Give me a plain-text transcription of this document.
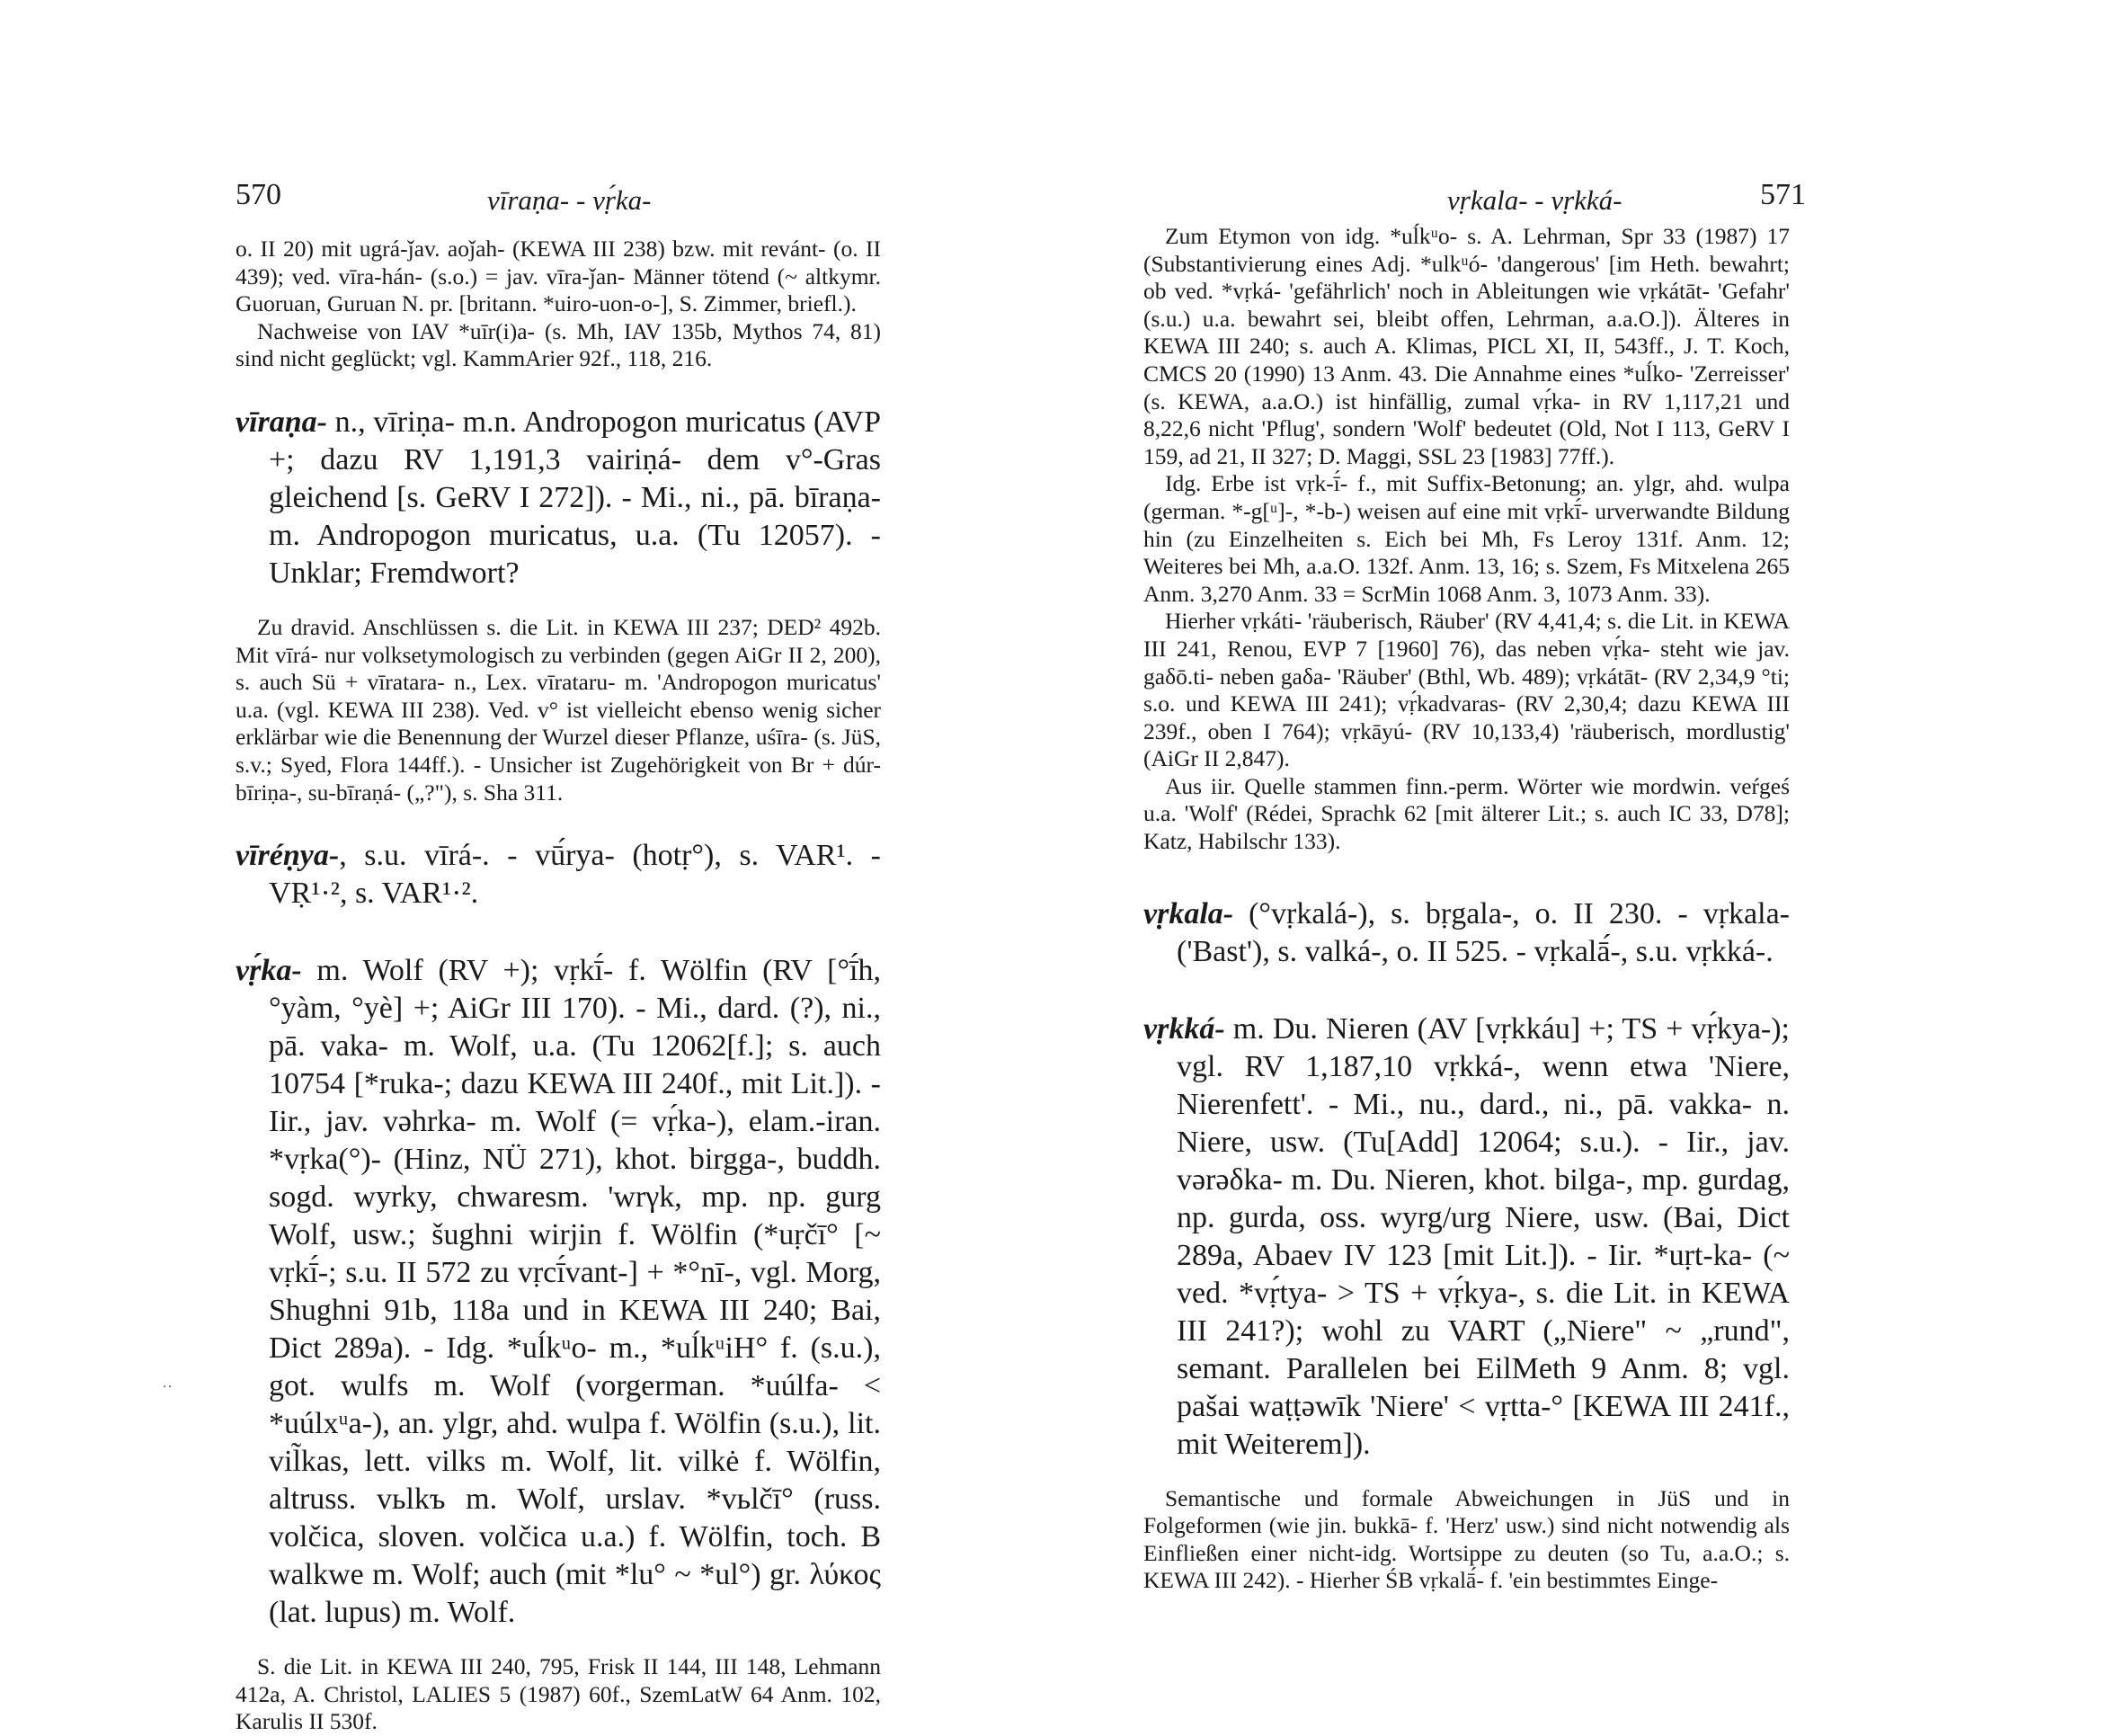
570	vīraṇa- - vṛ́ka-

o. II 20) mit ugrá-ǰav. aoǰah- (KEWA III 238) bzw. mit revánt- (o. II 439); ved. vīra-hán- (s.o.) = jav. vīra-ǰan- Männer tötend (~ altkymr. Guoruan, Guruan N. pr. [britann. *uiro-uon-o-], S. Zimmer, briefl.).

Nachweise von IAV *uīr(i)a- (s. Mh, IAV 135b, Mythos 74, 81) sind nicht geglückt; vgl. KammArier 92f., 118, 216.

vīraṇa- n., vīriṇa- m.n. Andropogon muricatus (AVP +; dazu RV 1,191,3 vairiṇá- dem v°-Gras gleichend [s. GeRV I 272]). - Mi., ni., pā. bīraṇa- m. Andropogon muricatus, u.a. (Tu 12057). - Unklar; Fremdwort?

Zu dravid. Anschlüssen s. die Lit. in KEWA III 237; DED² 492b. Mit vīrá- nur volksetymologisch zu verbinden (gegen AiGr II 2, 200), s. auch Sü + vīratara- n., Lex. vīrataru- m. 'Andropogon muricatus' u.a. (vgl. KEWA III 238). Ved. v° ist vielleicht ebenso wenig sicher erklärbar wie die Benennung der Wurzel dieser Pflanze, uśīra- (s. JüS, s.v.; Syed, Flora 144ff.). - Unsicher ist Zugehörigkeit von Br + dúr-bīriṇa-, su-bīraṇá- („?"), s. Sha 311.

vīréṇya-, s.u. vīrá-. - vū́rya- (hotṛ°), s. VAR¹. - VṚ¹·², s. VAR¹·².

vṛ́ka- m. Wolf (RV +); vṛkī́- f. Wölfin (RV [°ī́h, °yàm, °yè] +; AiGr III 170). - Mi., dard. (?), ni., pā. vaka- m. Wolf, u.a. (Tu 12062[f.]; s. auch 10754 [*ruka-; dazu KEWA III 240f., mit Lit.]). - Iir., jav. vəhrka- m. Wolf (= vṛ́ka-), elam.-iran. *vṛka(°)- (Hinz, NÜ 271), khot. birgga-, buddh. sogd. wyrky, chwaresm. 'wrγk, mp. np. gurg Wolf, usw.; šughni wirjin f. Wölfin (*uṛčī° [~ vṛkī́-; s.u. II 572 zu vṛcī́vant-] + *°nī-, vgl. Morg, Shughni 91b, 118a und in KEWA III 240; Bai, Dict 289a). - Idg. *uĺkᵘo- m., *uĺkᵘiH° f. (s.u.), got. wulfs m. Wolf (vorgerman. *uúlfa- < *uúlxᵘa-), an. ylgr, ahd. wulpa f. Wölfin (s.u.), lit. vil̃kas, lett. vilks m. Wolf, lit. vilkė f. Wölfin, altruss. vьlkъ m. Wolf, urslav. *vьlčī° (russ. volčica, sloven. volčica u.a.) f. Wölfin, toch. B walkwe m. Wolf; auch (mit *lu° ~ *ul°) gr. λύκος (lat. lupus) m. Wolf.

S. die Lit. in KEWA III 240, 795, Frisk II 144, III 148, Lehmann 412a, A. Christol, LALIES 5 (1987) 60f., SzemLatW 64 Anm. 102, Karulis II 530f.

˙˙
vṛkala- - vṛkká-	571

Zum Etymon von idg. *uĺkᵘo- s. A. Lehrman, Spr 33 (1987) 17 (Substantivierung eines Adj. *ulkᵘó- 'dangerous' [im Heth. bewahrt; ob ved. *vṛká- 'gefährlich' noch in Ableitungen wie vṛkátāt- 'Gefahr' (s.u.) u.a. bewahrt sei, bleibt offen, Lehrman, a.a.O.]). Älteres in KEWA III 240; s. auch A. Klimas, PICL XI, II, 543ff., J. T. Koch, CMCS 20 (1990) 13 Anm. 43. Die Annahme eines *uĺko- 'Zerreisser' (s. KEWA, a.a.O.) ist hinfällig, zumal vṛ́ka- in RV 1,117,21 und 8,22,6 nicht 'Pflug', sondern 'Wolf' bedeutet (Old, Not I 113, GeRV I 159, ad 21, II 327; D. Maggi, SSL 23 [1983] 77ff.).

Idg. Erbe ist vṛk-ī́- f., mit Suffix-Betonung; an. ylgr, ahd. wulpa (german. *-g[ᵘ]-, *-b-) weisen auf eine mit vṛkī́- urverwandte Bildung hin (zu Einzelheiten s. Eich bei Mh, Fs Leroy 131f. Anm. 12; Weiteres bei Mh, a.a.O. 132f. Anm. 13, 16; s. Szem, Fs Mitxelena 265 Anm. 3,270 Anm. 33 = ScrMin 1068 Anm. 3, 1073 Anm. 33).

Hierher vṛkáti- 'räuberisch, Räuber' (RV 4,41,4; s. die Lit. in KEWA III 241, Renou, EVP 7 [1960] 76), das neben vṛ́ka- steht wie jav. gaδō.ti- neben gaδa- 'Räuber' (Bthl, Wb. 489); vṛkátāt- (RV 2,34,9 °ti; s.o. und KEWA III 241); vṛ́kadvaras- (RV 2,30,4; dazu KEWA III 239f., oben I 764); vṛkāyú- (RV 10,133,4) 'räuberisch, mordlustig' (AiGr II 2,847).

Aus iir. Quelle stammen finn.-perm. Wörter wie mordwin. veŕgeś u.a. 'Wolf' (Rédei, Sprachk 62 [mit älterer Lit.; s. auch IC 33, D78]; Katz, Habilschr 133).

vṛkala- (°vṛkalá-), s. bṛgala-, o. II 230. - vṛkala- ('Bast'), s. valká-, o. II 525. - vṛkalā́-, s.u. vṛkká-.

vṛkká- m. Du. Nieren (AV [vṛkkáu] +; TS + vṛ́kya-); vgl. RV 1,187,10 vṛkká-, wenn etwa 'Niere, Nierenfett'. - Mi., nu., dard., ni., pā. vakka- n. Niere, usw. (Tu[Add] 12064; s.u.). - Iir., jav. vərəδka- m. Du. Nieren, khot. bilga-, mp. gurdag, np. gurda, oss. wyrg/urg Niere, usw. (Bai, Dict 289a, Abaev IV 123 [mit Lit.]). - Iir. *uṛt-ka- (~ ved. *vṛ́tya- > TS + vṛ́kya-, s. die Lit. in KEWA III 241?); wohl zu VART („Niere" ~ „rund", semant. Parallelen bei EilMeth 9 Anm. 8; vgl. pašai waṭṭəwīk 'Niere' < vṛtta-° [KEWA III 241f., mit Weiterem]).

Semantische und formale Abweichungen in JüS und in Folgeformen (wie jin. bukkā- f. 'Herz' usw.) sind nicht notwendig als Einfließen einer nicht-idg. Wortsippe zu deuten (so Tu, a.a.O.; s. KEWA III 242). - Hierher ŚB vṛkalā́- f. 'ein bestimmtes Einge-
